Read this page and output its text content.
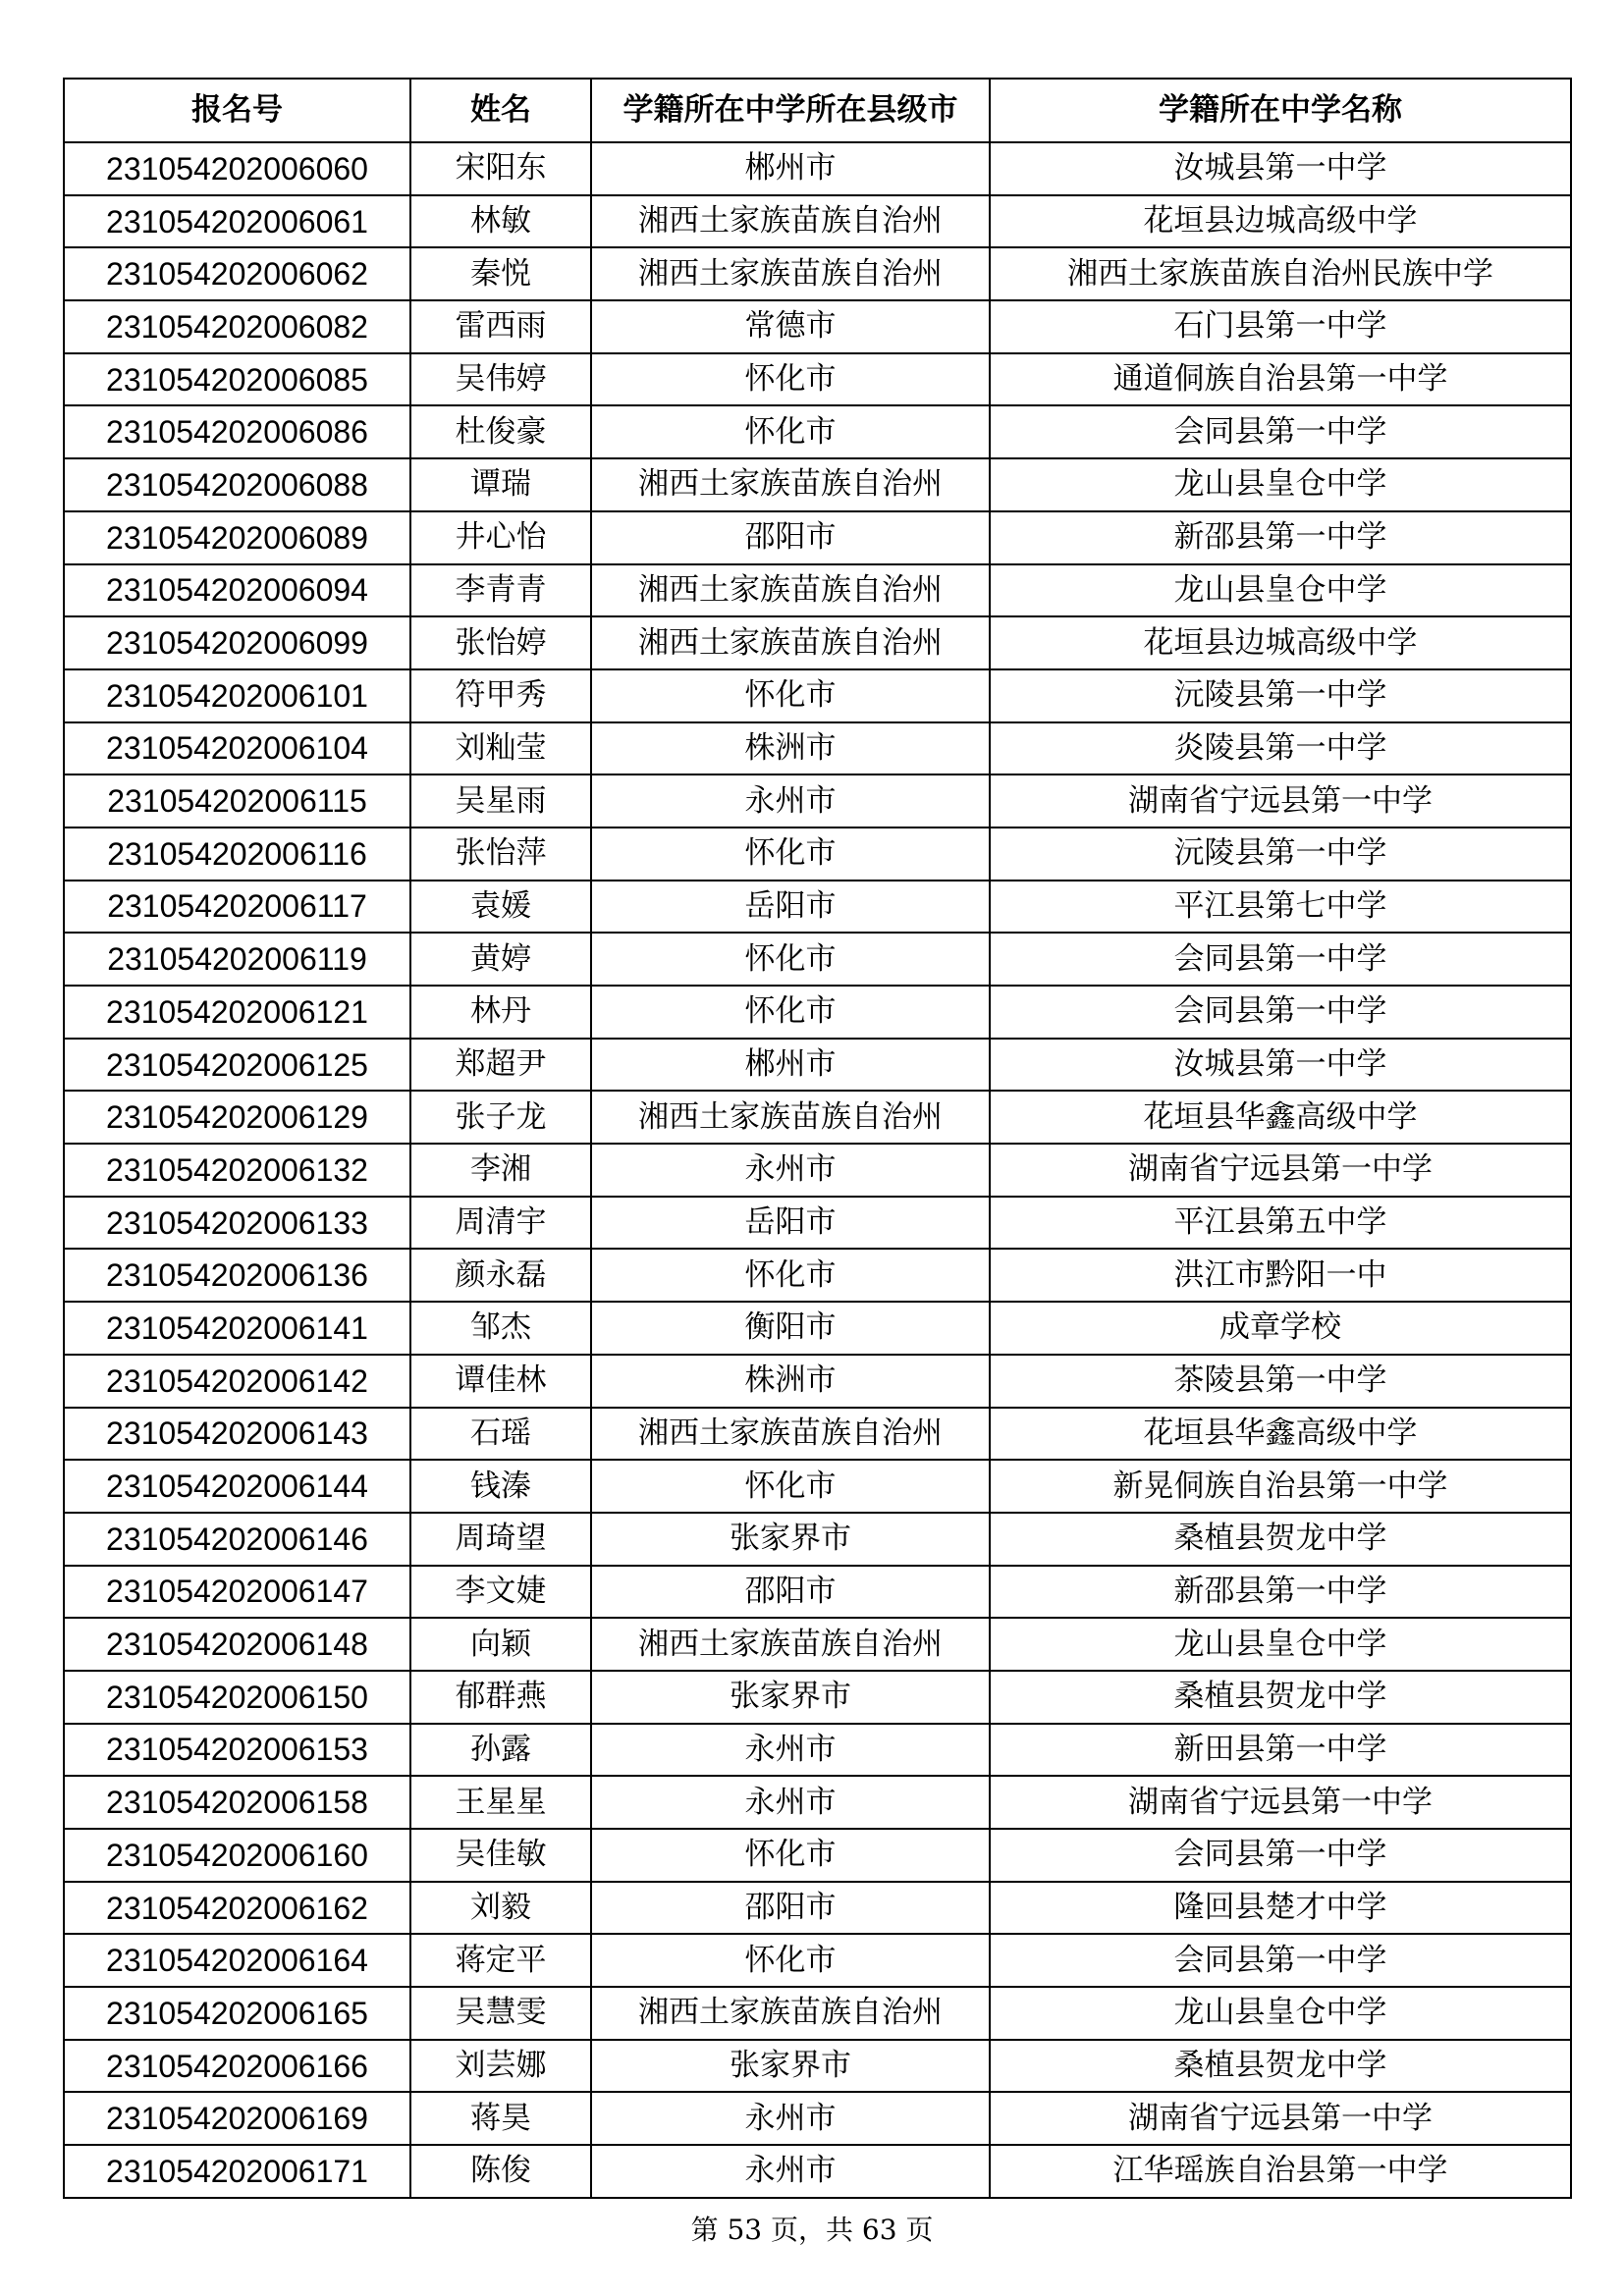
报名号	姓名	学籍所在中学所在县级市	学籍所在中学名称
231054202006060	宋阳东	郴州市	汝城县第一中学
231054202006061	林敏	湘西土家族苗族自治州	花垣县边城高级中学
231054202006062	秦悦	湘西土家族苗族自治州	湘西土家族苗族自治州民族中学
231054202006082	雷西雨	常德市	石门县第一中学
231054202006085	吴伟婷	怀化市	通道侗族自治县第一中学
231054202006086	杜俊豪	怀化市	会同县第一中学
231054202006088	谭瑞	湘西土家族苗族自治州	龙山县皇仓中学
231054202006089	井心怡	邵阳市	新邵县第一中学
231054202006094	李青青	湘西土家族苗族自治州	龙山县皇仓中学
231054202006099	张怡婷	湘西土家族苗族自治州	花垣县边城高级中学
231054202006101	符甲秀	怀化市	沅陵县第一中学
231054202006104	刘籼莹	株洲市	炎陵县第一中学
231054202006115	吴星雨	永州市	湖南省宁远县第一中学
231054202006116	张怡萍	怀化市	沅陵县第一中学
231054202006117	袁媛	岳阳市	平江县第七中学
231054202006119	黄婷	怀化市	会同县第一中学
231054202006121	林丹	怀化市	会同县第一中学
231054202006125	郑超尹	郴州市	汝城县第一中学
231054202006129	张子龙	湘西土家族苗族自治州	花垣县华鑫高级中学
231054202006132	李湘	永州市	湖南省宁远县第一中学
231054202006133	周清宇	岳阳市	平江县第五中学
231054202006136	颜永磊	怀化市	洪江市黔阳一中
231054202006141	邹杰	衡阳市	成章学校
231054202006142	谭佳林	株洲市	茶陵县第一中学
231054202006143	石瑶	湘西土家族苗族自治州	花垣县华鑫高级中学
231054202006144	钱溱	怀化市	新晃侗族自治县第一中学
231054202006146	周琦望	张家界市	桑植县贺龙中学
231054202006147	李文婕	邵阳市	新邵县第一中学
231054202006148	向颖	湘西土家族苗族自治州	龙山县皇仓中学
231054202006150	郁群燕	张家界市	桑植县贺龙中学
231054202006153	孙露	永州市	新田县第一中学
231054202006158	王星星	永州市	湖南省宁远县第一中学
231054202006160	吴佳敏	怀化市	会同县第一中学
231054202006162	刘毅	邵阳市	隆回县楚才中学
231054202006164	蒋定平	怀化市	会同县第一中学
231054202006165	吴慧雯	湘西土家族苗族自治州	龙山县皇仓中学
231054202006166	刘芸娜	张家界市	桑植县贺龙中学
231054202006169	蒋昊	永州市	湖南省宁远县第一中学
231054202006171	陈俊	永州市	江华瑶族自治县第一中学
第 53 页，共 63 页
